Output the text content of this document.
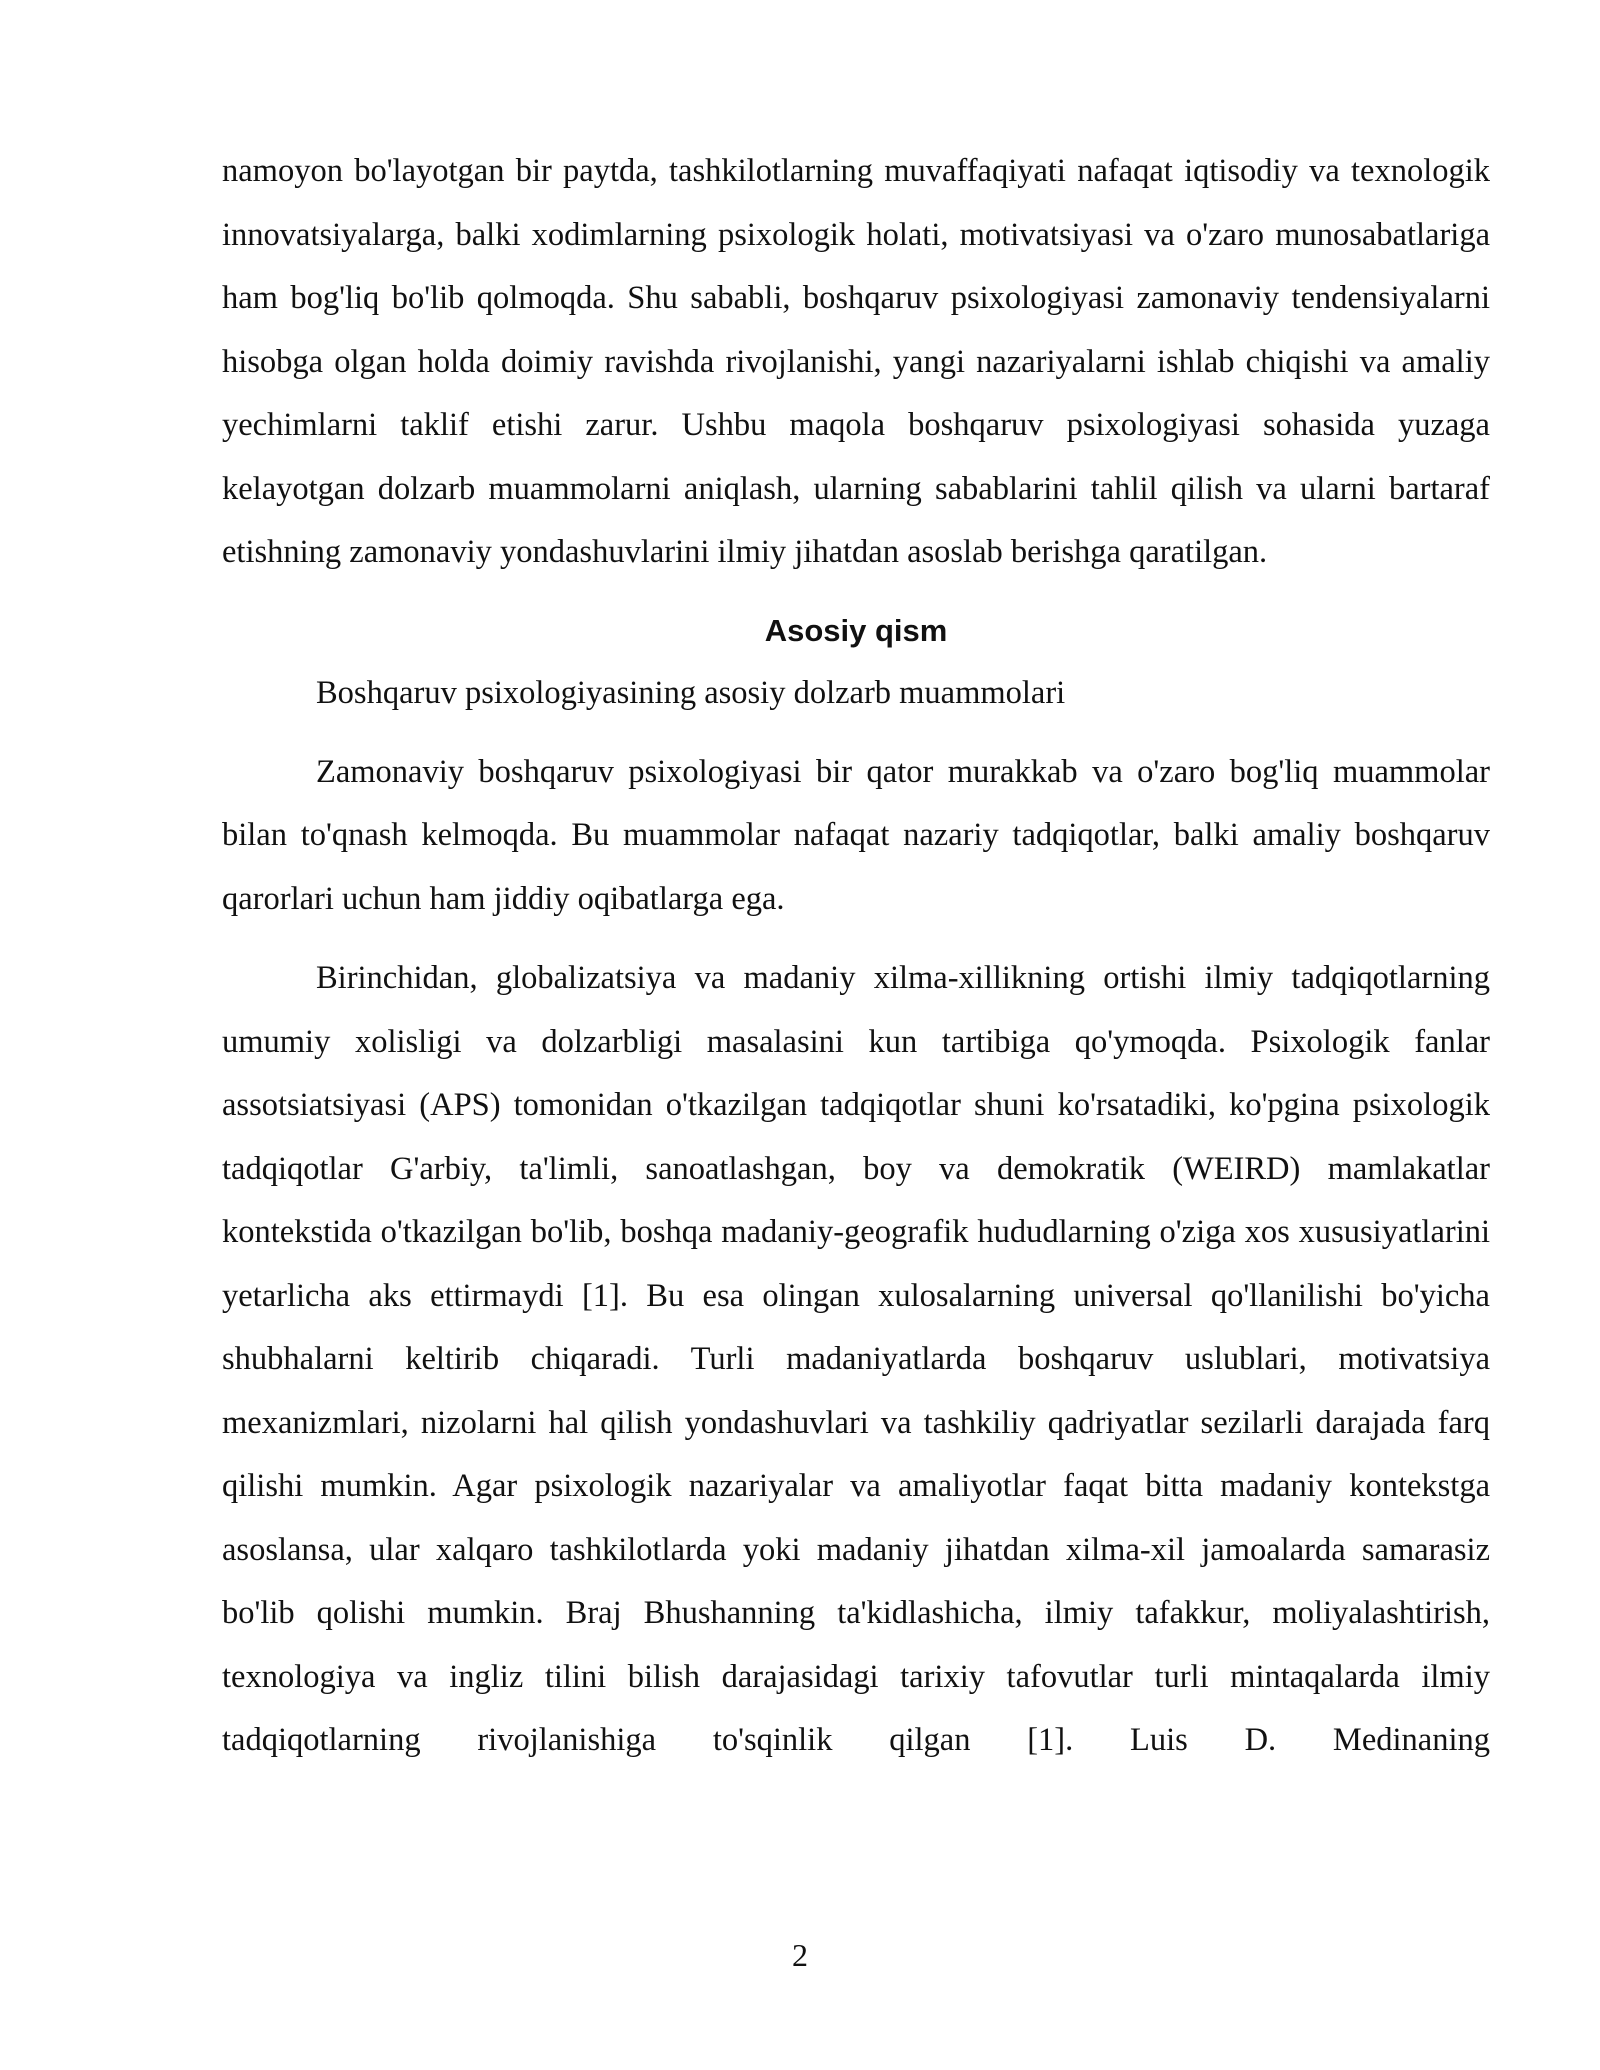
namoyon bo'layotgan bir paytda, tashkilotlarning muvaffaqiyati nafaqat iqtisodiy va texnologik innovatsiyalarga, balki xodimlarning psixologik holati, motivatsiyasi va o'zaro munosabatlariga ham bog'liq bo'lib qolmoqda. Shu sababli, boshqaruv psixologiyasi zamonaviy tendensiyalarni hisobga olgan holda doimiy ravishda rivojlanishi, yangi nazariyalarni ishlab chiqishi va amaliy yechimlarni taklif etishi zarur. Ushbu maqola boshqaruv psixologiyasi sohasida yuzaga kelayotgan dolzarb muammolarni aniqlash, ularning sabablarini tahlil qilish va ularni bartaraf etishning zamonaviy yondashuvlarini ilmiy jihatdan asoslab berishga qaratilgan.

Asosiy qism

Boshqaruv psixologiyasining asosiy dolzarb muammolari

Zamonaviy boshqaruv psixologiyasi bir qator murakkab va o'zaro bog'liq muammolar bilan to'qnash kelmoqda. Bu muammolar nafaqat nazariy tadqiqotlar, balki amaliy boshqaruv qarorlari uchun ham jiddiy oqibatlarga ega.

Birinchidan, globalizatsiya va madaniy xilma-xillikning ortishi ilmiy tadqiqotlarning umumiy xolisligi va dolzarbligi masalasini kun tartibiga qo'ymoqda. Psixologik fanlar assotsiatsiyasi (APS) tomonidan o'tkazilgan tadqiqotlar shuni ko'rsatadiki, ko'pgina psixologik tadqiqotlar G'arbiy, ta'limli, sanoatlashgan, boy va demokratik (WEIRD) mamlakatlar kontekstida o'tkazilgan bo'lib, boshqa madaniy-geografik hududlarning o'ziga xos xususiyatlarini yetarlicha aks ettirmaydi [1]. Bu esa olingan xulosalarning universal qo'llanilishi bo'yicha shubhalarni keltirib chiqaradi. Turli madaniyatlarda boshqaruv uslublari, motivatsiya mexanizmlari, nizolarni hal qilish yondashuvlari va tashkiliy qadriyatlar sezilarli darajada farq qilishi mumkin. Agar psixologik nazariyalar va amaliyotlar faqat bitta madaniy kontekstga asoslansa, ular xalqaro tashkilotlarda yoki madaniy jihatdan xilma-xil jamoalarda samarasiz bo'lib qolishi mumkin. Braj Bhushanning ta'kidlashicha, ilmiy tafakkur, moliyalashtirish, texnologiya va ingliz tilini bilish darajasidagi tarixiy tafovutlar turli mintaqalarda ilmiy tadqiqotlarning rivojlanishiga to'sqinlik qilgan [1]. Luis D. Medinaning

2
